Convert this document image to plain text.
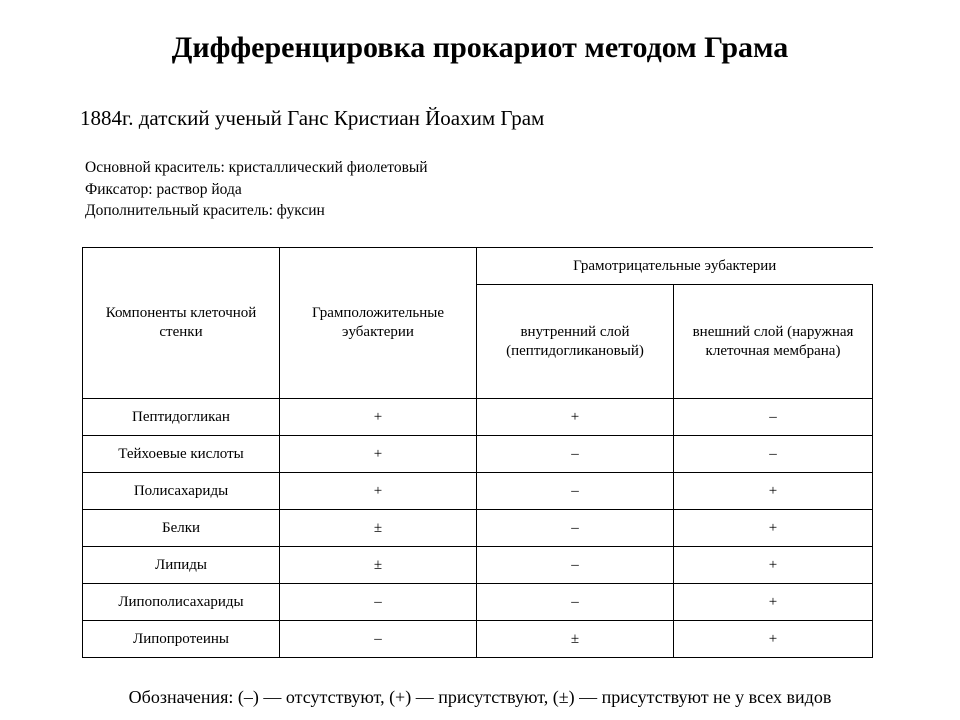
Дифференцировка прокариот методом Грама
1884г. датский ученый Ганс Кристиан Йоахим Грам
Основной краситель: кристаллический фиолетовый
Фиксатор: раствор йода
Дополнительный краситель: фуксин
Компоненты клеточной стенки	Грамположительные эубактерии	Грамотрицательные эубактерии	
		внутренний слой (пептидогликановый)	внешний слой (наружная клеточная мембрана)
Пептидогликан	+	+	–
Тейхоевые кислоты	+	–	–
Полисахариды	+	–	+
Белки	±	–	+
Липиды	±	–	+
Липополисахариды	–	–	+
Липопротеины	–	±	+
Обозначения: (–) — отсутствуют, (+) — присутствуют, (±) — присутствуют не у всех видов
